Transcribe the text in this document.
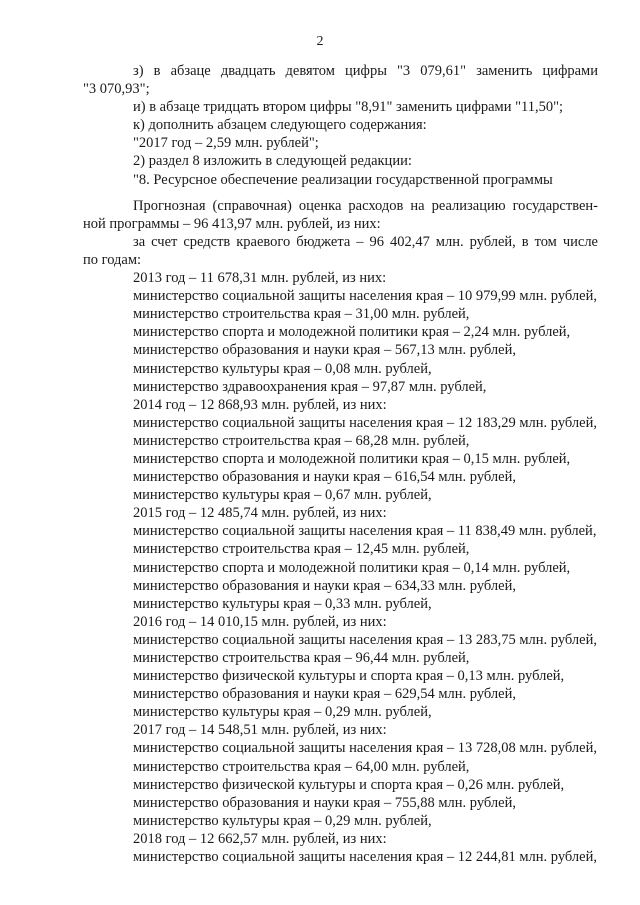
2

з) в абзаце двадцать девятом цифры "3 079,61" заменить цифрами

"3 070,93";

и) в абзаце тридцать втором цифры "8,91" заменить цифрами "11,50";

к) дополнить абзацем следующего содержания:

"2017 год – 2,59 млн. рублей";

2) раздел 8 изложить в следующей редакции:

"8. Ресурсное обеспечение реализации государственной программы

Прогнозная (справочная) оценка расходов на реализацию государствен-

ной программы – 96 413,97 млн. рублей, из них:

за счет средств краевого бюджета – 96 402,47 млн. рублей, в том числе

по годам:

2013 год – 11 678,31 млн. рублей, из них:

министерство социальной защиты населения края – 10 979,99 млн. рублей,

министерство строительства края – 31,00 млн. рублей,

министерство спорта и молодежной политики края – 2,24 млн. рублей,

министерство образования и науки края – 567,13 млн. рублей,

министерство культуры края – 0,08 млн. рублей,

министерство здравоохранения края – 97,87 млн. рублей,

2014 год – 12 868,93 млн. рублей, из них:

министерство социальной защиты населения края – 12 183,29 млн. рублей,

министерство строительства края – 68,28 млн. рублей,

министерство спорта и молодежной политики края – 0,15 млн. рублей,

министерство образования и науки края – 616,54 млн. рублей,

министерство культуры края – 0,67 млн. рублей,

2015 год – 12 485,74 млн. рублей, из них:

министерство социальной защиты населения края – 11 838,49 млн. рублей,

министерство строительства края – 12,45 млн. рублей,

министерство спорта и молодежной политики края – 0,14 млн. рублей,

министерство образования и науки края – 634,33 млн. рублей,

министерство культуры края – 0,33 млн. рублей,

2016 год – 14 010,15 млн. рублей, из них:

министерство социальной защиты населения края – 13 283,75 млн. рублей,

министерство строительства края – 96,44 млн. рублей,

министерство физической культуры и спорта края – 0,13 млн. рублей,

министерство образования и науки края – 629,54 млн. рублей,

министерство культуры края – 0,29 млн. рублей,

2017 год – 14 548,51 млн. рублей, из них:

министерство социальной защиты населения края – 13 728,08 млн. рублей,

министерство строительства края – 64,00 млн. рублей,

министерство физической культуры и спорта края – 0,26 млн. рублей,

министерство образования и науки края – 755,88 млн. рублей,

министерство культуры края – 0,29 млн. рублей,

2018 год – 12 662,57 млн. рублей, из них:

министерство социальной защиты населения края – 12 244,81 млн. рублей,
